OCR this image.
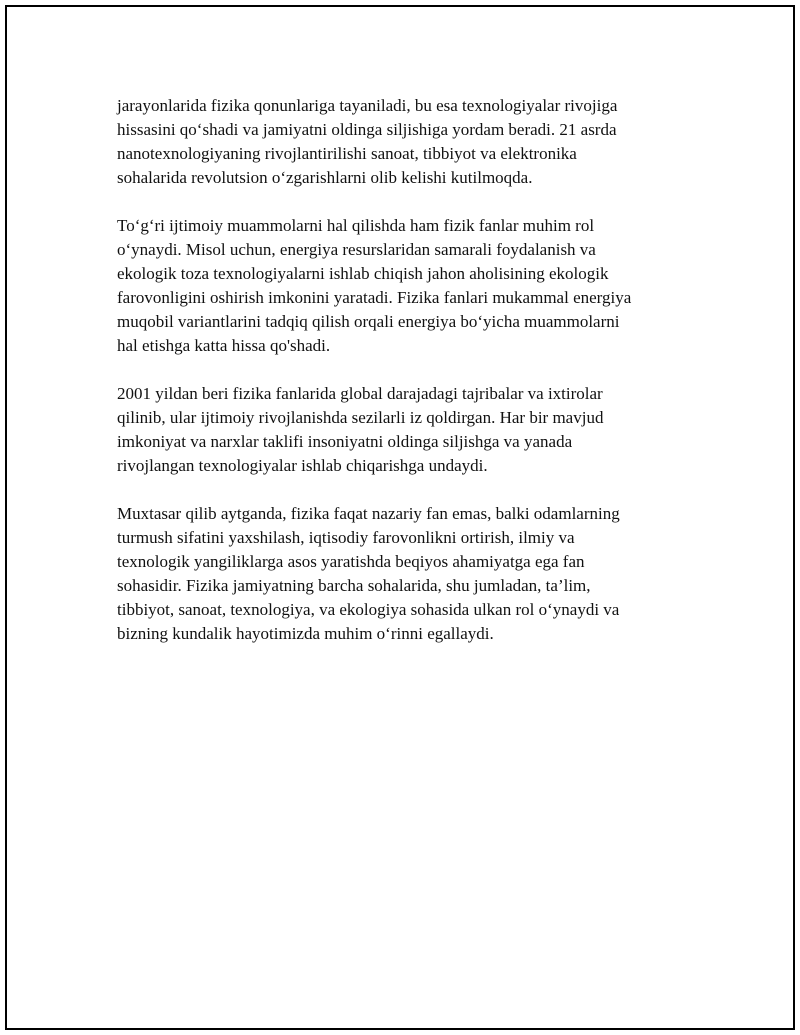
jarayonlarida fizika qonunlariga tayaniladi, bu esa texnologiyalar rivojiga
hissasini qo‘shadi va jamiyatni oldinga siljishiga yordam beradi. 21 asrda
nanotexnologiyaning rivojlantirilishi sanoat, tibbiyot va elektronika
sohalarida revolutsion o‘zgarishlarni olib kelishi kutilmoqda.
To‘g‘ri ijtimoiy muammolarni hal qilishda ham fizik fanlar muhim rol
o‘ynaydi. Misol uchun, energiya resurslaridan samarali foydalanish va
ekologik toza texnologiyalarni ishlab chiqish jahon aholisining ekologik
farovonligini oshirish imkonini yaratadi. Fizika fanlari mukammal energiya
muqobil variantlarini tadqiq qilish orqali energiya bo‘yicha muammolarni
hal etishga katta hissa qo'shadi.
2001 yildan beri fizika fanlarida global darajadagi tajribalar va ixtirolar
qilinib, ular ijtimoiy rivojlanishda sezilarli iz qoldirgan. Har bir mavjud
imkoniyat va narxlar taklifi insoniyatni oldinga siljishga va yanada
rivojlangan texnologiyalar ishlab chiqarishga undaydi.
Muxtasar qilib aytganda, fizika faqat nazariy fan emas, balki odamlarning
turmush sifatini yaxshilash, iqtisodiy farovonlikni ortirish, ilmiy va
texnologik yangiliklarga asos yaratishda beqiyos ahamiyatga ega fan
sohasidir. Fizika jamiyatning barcha sohalarida, shu jumladan, ta’lim,
tibbiyot, sanoat, texnologiya, va ekologiya sohasida ulkan rol o‘ynaydi va
bizning kundalik hayotimizda muhim o‘rinni egallaydi.
